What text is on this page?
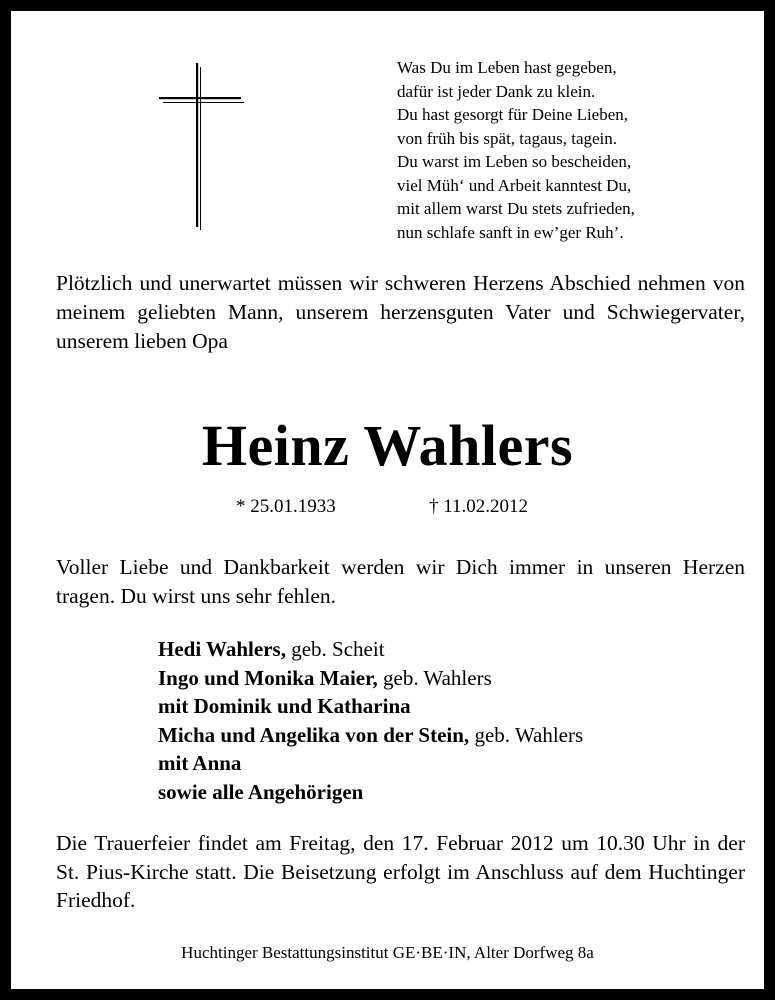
Was Du im Leben hast gegeben,
dafür ist jeder Dank zu klein.
Du hast gesorgt für Deine Lieben,
von früh bis spät, tagaus, tagein.
Du warst im Leben so bescheiden,
viel Müh‘ und Arbeit kanntest Du,
mit allem warst Du stets zufrieden,
nun schlafe sanft in ew’ger Ruh’.
Plötzlich und unerwartet müssen wir schweren Herzens Abschied nehmen von meinem geliebten Mann, unserem herzensguten Vater und Schwiegervater, unserem lieben Opa
Heinz Wahlers
* 25.01.1933	† 11.02.2012
Voller Liebe und Dankbarkeit werden wir Dich immer in unseren Herzen tragen. Du wirst uns sehr fehlen.
Hedi Wahlers, geb. Scheit
Ingo und Monika Maier, geb. Wahlers
mit Dominik und Katharina
Micha und Angelika von der Stein, geb. Wahlers
mit Anna
sowie alle Angehörigen
Die Trauerfeier findet am Freitag, den 17. Februar 2012 um 10.30 Uhr in der St. Pius-Kirche statt. Die Beisetzung erfolgt im Anschluss auf dem Huchtinger Friedhof.
Huchtinger Bestattungsinstitut GE·BE·IN, Alter Dorfweg 8a
